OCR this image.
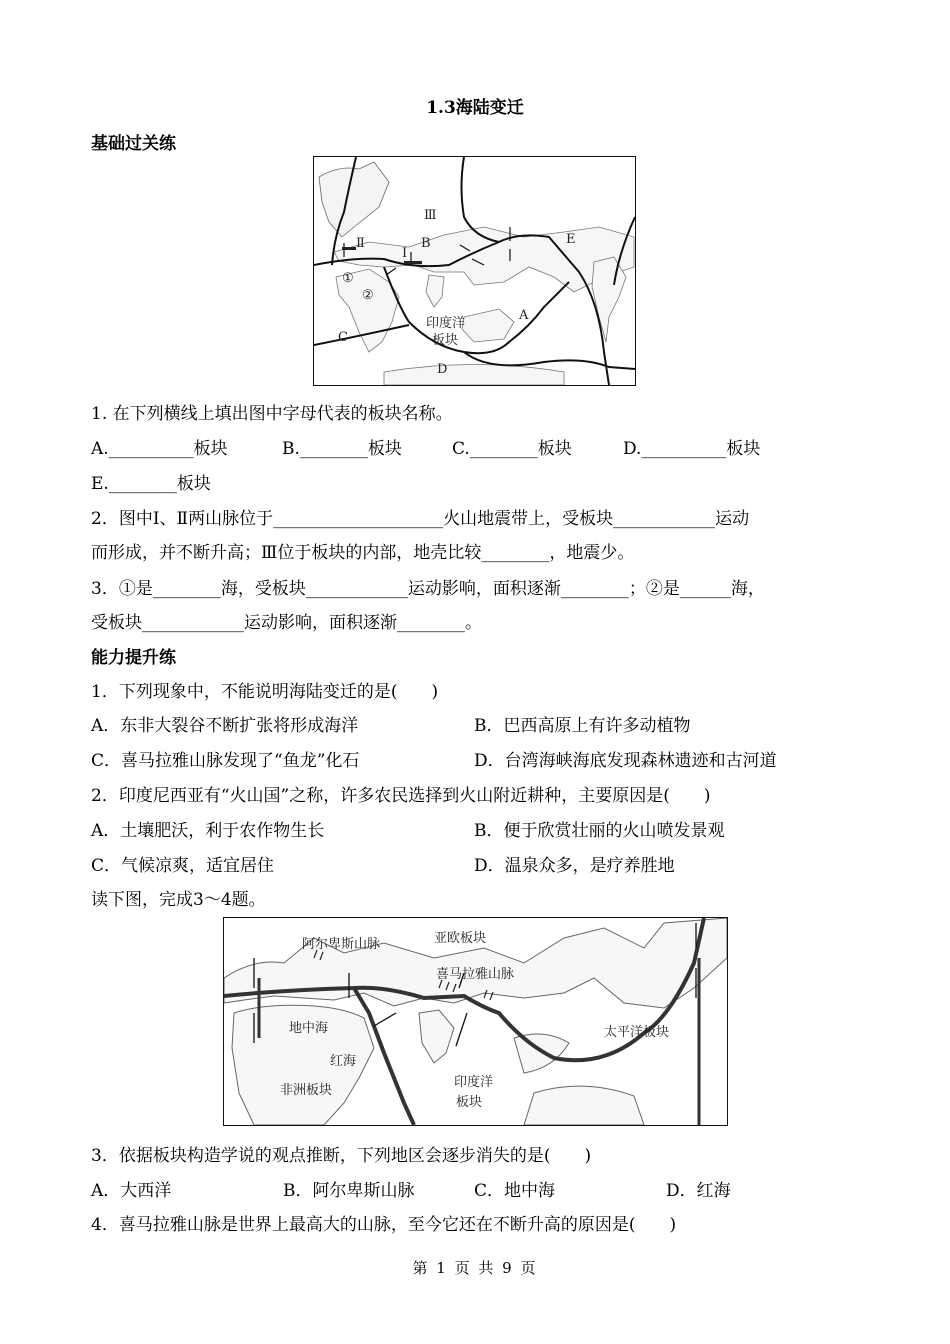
1.3海陆变迁
基础过关练
Ⅲ
Ⅱ
Ⅰ
B	E
A
C
D
①
②
印度洋
板块
1. 在下列横线上填出图中字母代表的板块名称。
A.__________板块	B.________板块	C.________板块	D.__________板块
E.________板块
2．图中Ⅰ、Ⅱ两山脉位于____________________火山地震带上，受板块____________运动
而形成，并不断升高；Ⅲ位于板块的内部，地壳比较________，地震少。
3．①是________海，受板块____________运动影响，面积逐渐________；②是______海，
受板块____________运动影响，面积逐渐________。
能力提升练
1．下列现象中，不能说明海陆变迁的是(　　)
A．东非大裂谷不断扩张将形成海洋	B．巴西高原上有许多动植物
C．喜马拉雅山脉发现了“鱼龙”化石	D．台湾海峡海底发现森林遗迹和古河道
2．印度尼西亚有“火山国”之称，许多农民选择到火山附近耕种，主要原因是(　　)
A．土壤肥沃，利于农作物生长	B．便于欣赏壮丽的火山喷发景观
C．气候凉爽，适宜居住	D．温泉众多，是疗养胜地
读下图，完成3～4题。
阿尔卑斯山脉	亚欧板块
喜马拉雅山脉
地中海
红海
太平洋板块
非洲板块
印度洋
板块
3．依据板块构造学说的观点推断，下列地区会逐步消失的是(　　)
A．大西洋	B．阿尔卑斯山脉	C．地中海	D．红海
4．喜马拉雅山脉是世界上最高大的山脉，至今它还在不断升高的原因是(　　)
第 1 页 共 9 页
